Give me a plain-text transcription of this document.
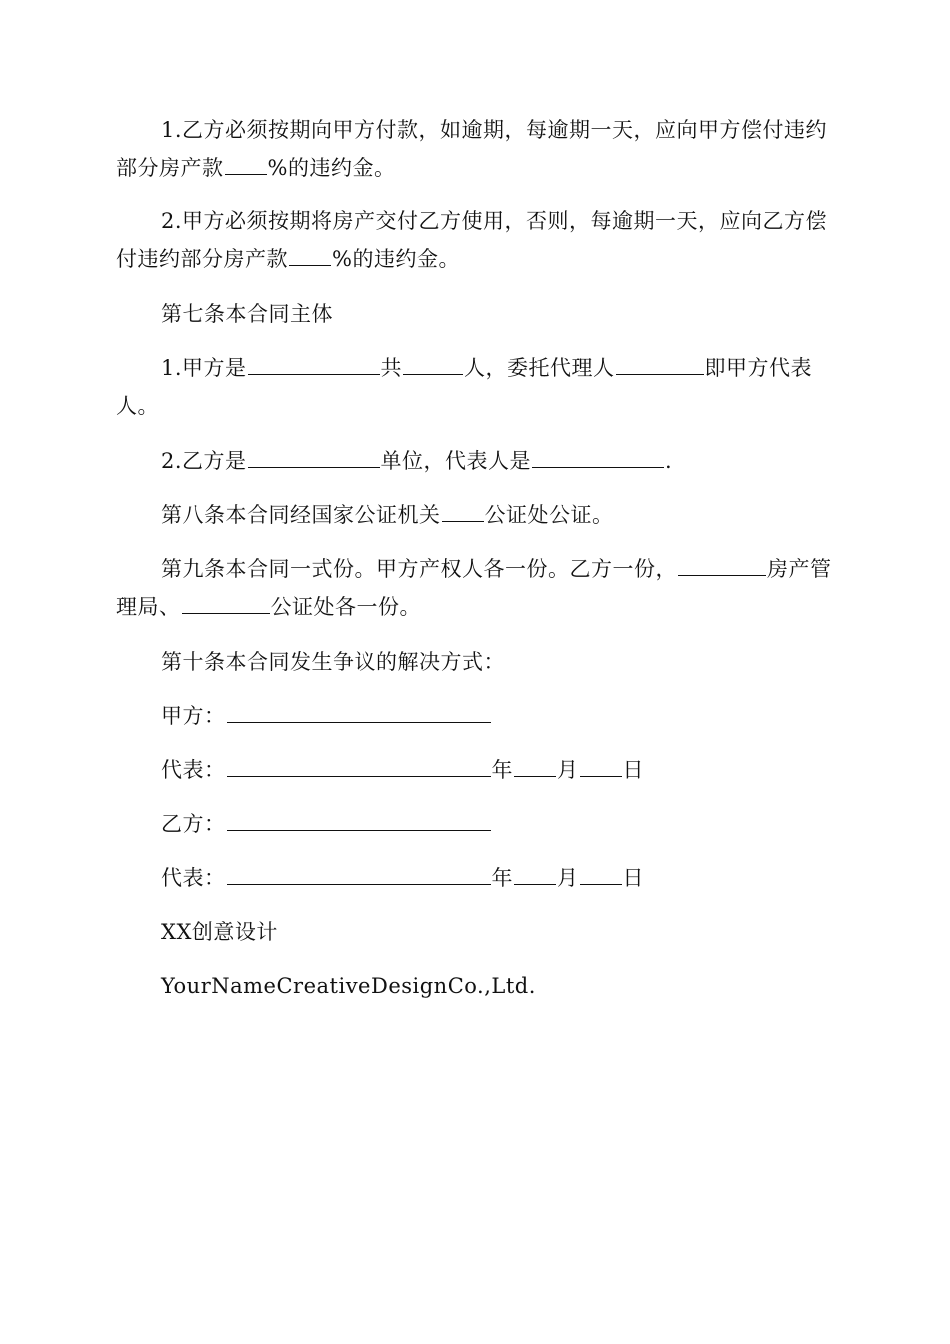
1.乙方必须按期向甲方付款，如逾期，每逾期一天，应向甲方偿付违约部分房产款 %的违约金。

2.甲方必须按期将房产交付乙方使用，否则，每逾期一天，应向乙方偿付违约部分房产款 %的违约金。

第七条本合同主体

1.甲方是	共	人，委托代理人	即甲方代表人。

2.乙方是	单位，代表人是	.

第八条本合同经国家公证机关 公证处公证。

第九条本合同一式份。甲方产权人各一份。乙方一份，	房产管理局、	公证处各一份。

第十条本合同发生争议的解决方式：

甲方：
代表：	年 月 日
乙方：
代表：	年 月 日
XX创意设计
YourNameCreativeDesignCo.,Ltd.
